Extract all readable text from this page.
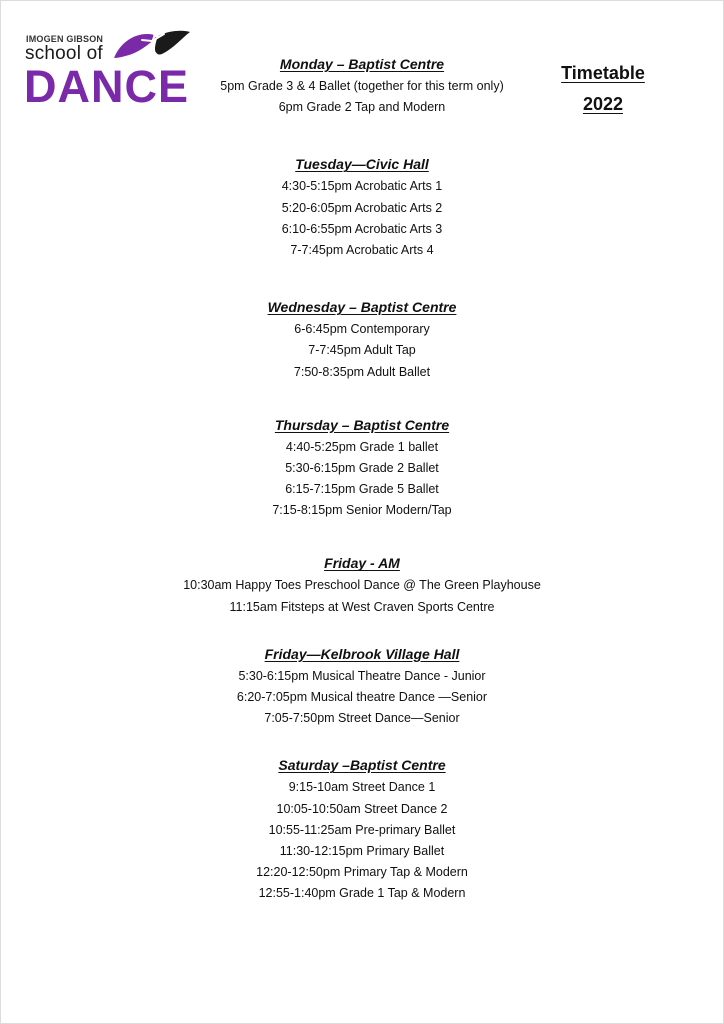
IMOGEN GIBSON
school of
DANCE	Timetable
2022
Monday – Baptist Centre
5pm Grade 3 & 4 Ballet (together for this term only)
6pm Grade 2 Tap and Modern
Tuesday—Civic Hall
4:30-5:15pm Acrobatic Arts 1
5:20-6:05pm Acrobatic Arts 2
6:10-6:55pm Acrobatic Arts 3
7-7:45pm Acrobatic Arts 4
Wednesday – Baptist Centre
6-6:45pm Contemporary
7-7:45pm Adult Tap
7:50-8:35pm Adult Ballet
Thursday – Baptist Centre
4:40-5:25pm Grade 1 ballet
5:30-6:15pm Grade 2 Ballet
6:15-7:15pm Grade 5 Ballet
7:15-8:15pm Senior Modern/Tap
Friday - AM
10:30am Happy Toes Preschool Dance @ The Green Playhouse
11:15am Fitsteps at West Craven Sports Centre
Friday—Kelbrook Village Hall
5:30-6:15pm Musical Theatre Dance - Junior
6:20-7:05pm Musical theatre Dance —Senior
7:05-7:50pm Street Dance—Senior
Saturday –Baptist Centre
9:15-10am Street Dance 1
10:05-10:50am Street Dance 2
10:55-11:25am Pre-primary Ballet
11:30-12:15pm Primary Ballet
12:20-12:50pm Primary Tap & Modern
12:55-1:40pm Grade 1 Tap & Modern
